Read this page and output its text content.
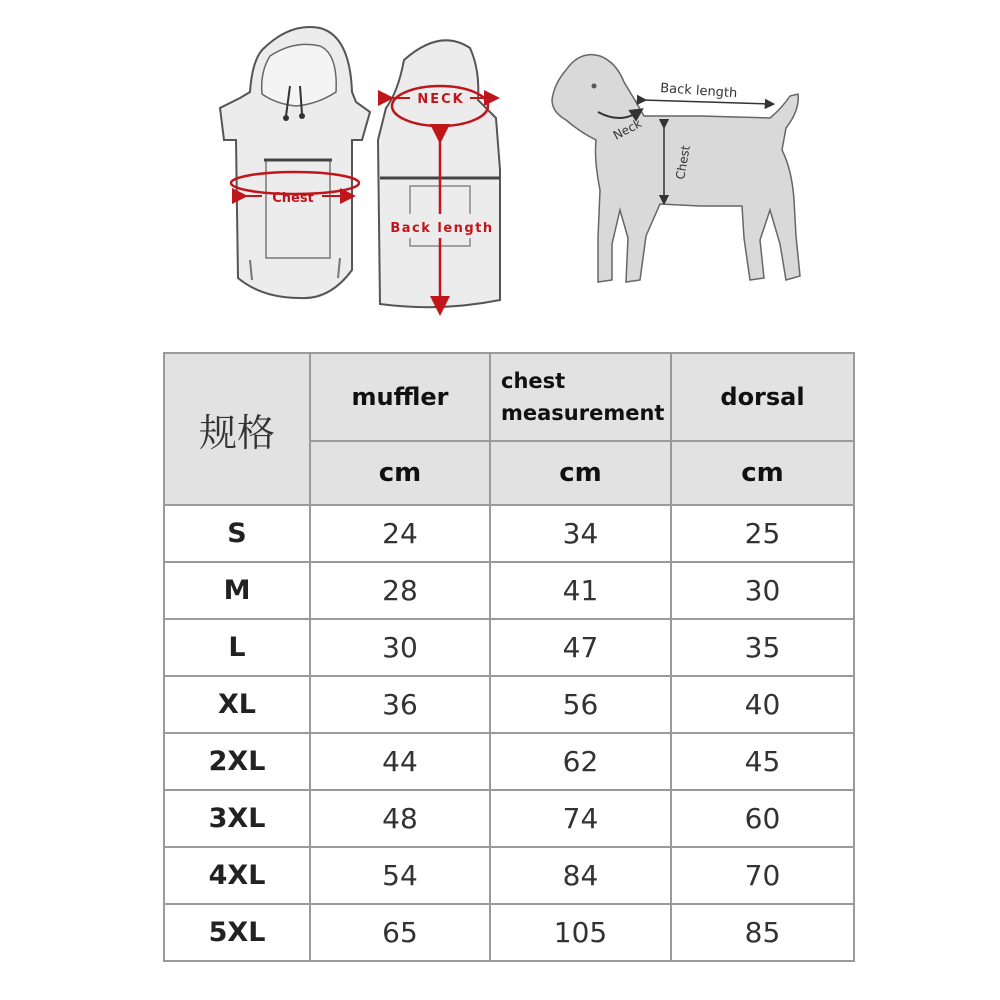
Chest
NECK
Back length
Neck
Chest
Back length
规格	muffler	chest measurement	dorsal
	cm	cm	cm
S	24	34	25
M	28	41	30
L	30	47	35
XL	36	56	40
2XL	44	62	45
3XL	48	74	60
4XL	54	84	70
5XL	65	105	85
